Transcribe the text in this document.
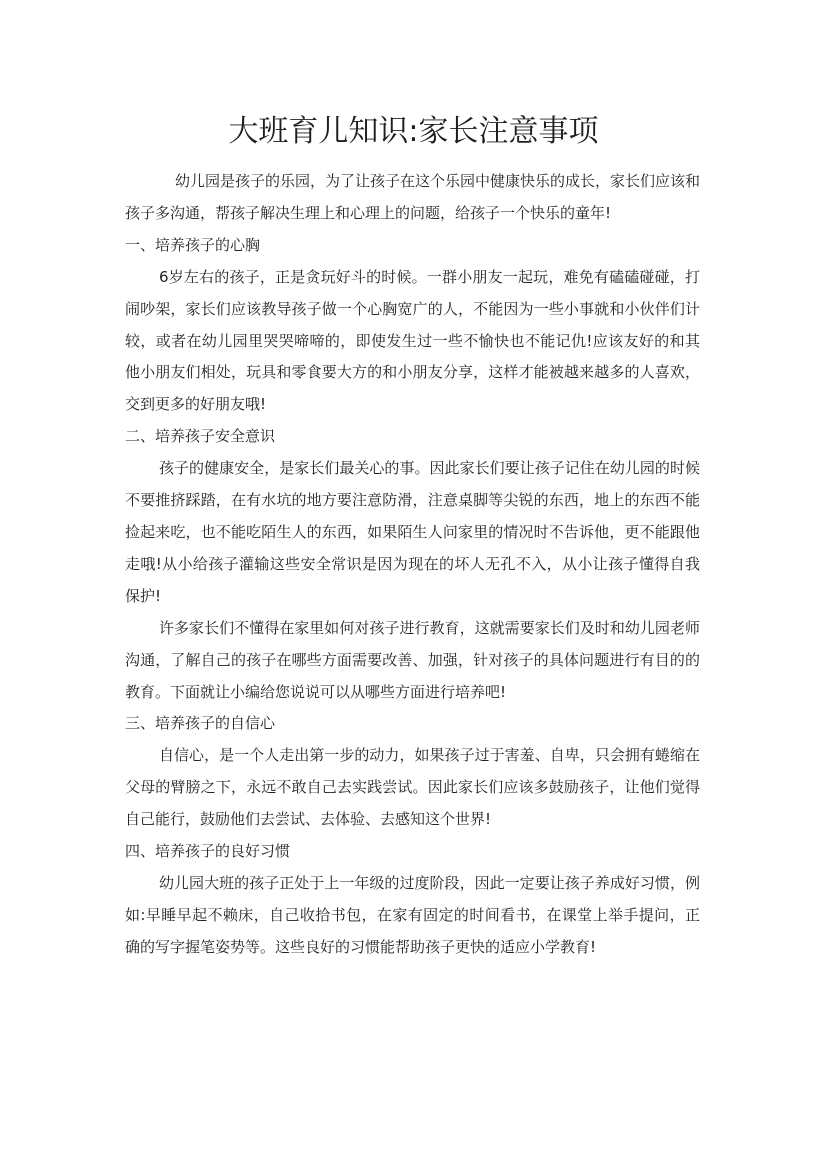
大班育儿知识:家长注意事项

幼儿园是孩子的乐园，为了让孩子在这个乐园中健康快乐的成长，家长们应该和孩子多沟通，帮孩子解决生理上和心理上的问题，给孩子一个快乐的童年!

一、培养孩子的心胸

6岁左右的孩子，正是贪玩好斗的时候。一群小朋友一起玩，难免有磕磕碰碰，打闹吵架，家长们应该教导孩子做一个心胸宽广的人，不能因为一些小事就和小伙伴们计较，或者在幼儿园里哭哭啼啼的，即使发生过一些不愉快也不能记仇!应该友好的和其他小朋友们相处，玩具和零食要大方的和小朋友分享，这样才能被越来越多的人喜欢，交到更多的好朋友哦!

二、培养孩子安全意识

孩子的健康安全，是家长们最关心的事。因此家长们要让孩子记住在幼儿园的时候不要推挤踩踏，在有水坑的地方要注意防滑，注意桌脚等尖锐的东西，地上的东西不能捡起来吃，也不能吃陌生人的东西，如果陌生人问家里的情况时不告诉他，更不能跟他走哦!从小给孩子灌输这些安全常识是因为现在的坏人无孔不入，从小让孩子懂得自我保护!

许多家长们不懂得在家里如何对孩子进行教育，这就需要家长们及时和幼儿园老师沟通，了解自己的孩子在哪些方面需要改善、加强，针对孩子的具体问题进行有目的的教育。下面就让小编给您说说可以从哪些方面进行培养吧!

三、培养孩子的自信心

自信心，是一个人走出第一步的动力，如果孩子过于害羞、自卑，只会拥有蜷缩在父母的臂膀之下，永远不敢自己去实践尝试。因此家长们应该多鼓励孩子，让他们觉得自己能行，鼓励他们去尝试、去体验、去感知这个世界!

四、培养孩子的良好习惯

幼儿园大班的孩子正处于上一年级的过度阶段，因此一定要让孩子养成好习惯，例如:早睡早起不赖床，自己收拾书包，在家有固定的时间看书，在课堂上举手提问，正确的写字握笔姿势等。这些良好的习惯能帮助孩子更快的适应小学教育!
